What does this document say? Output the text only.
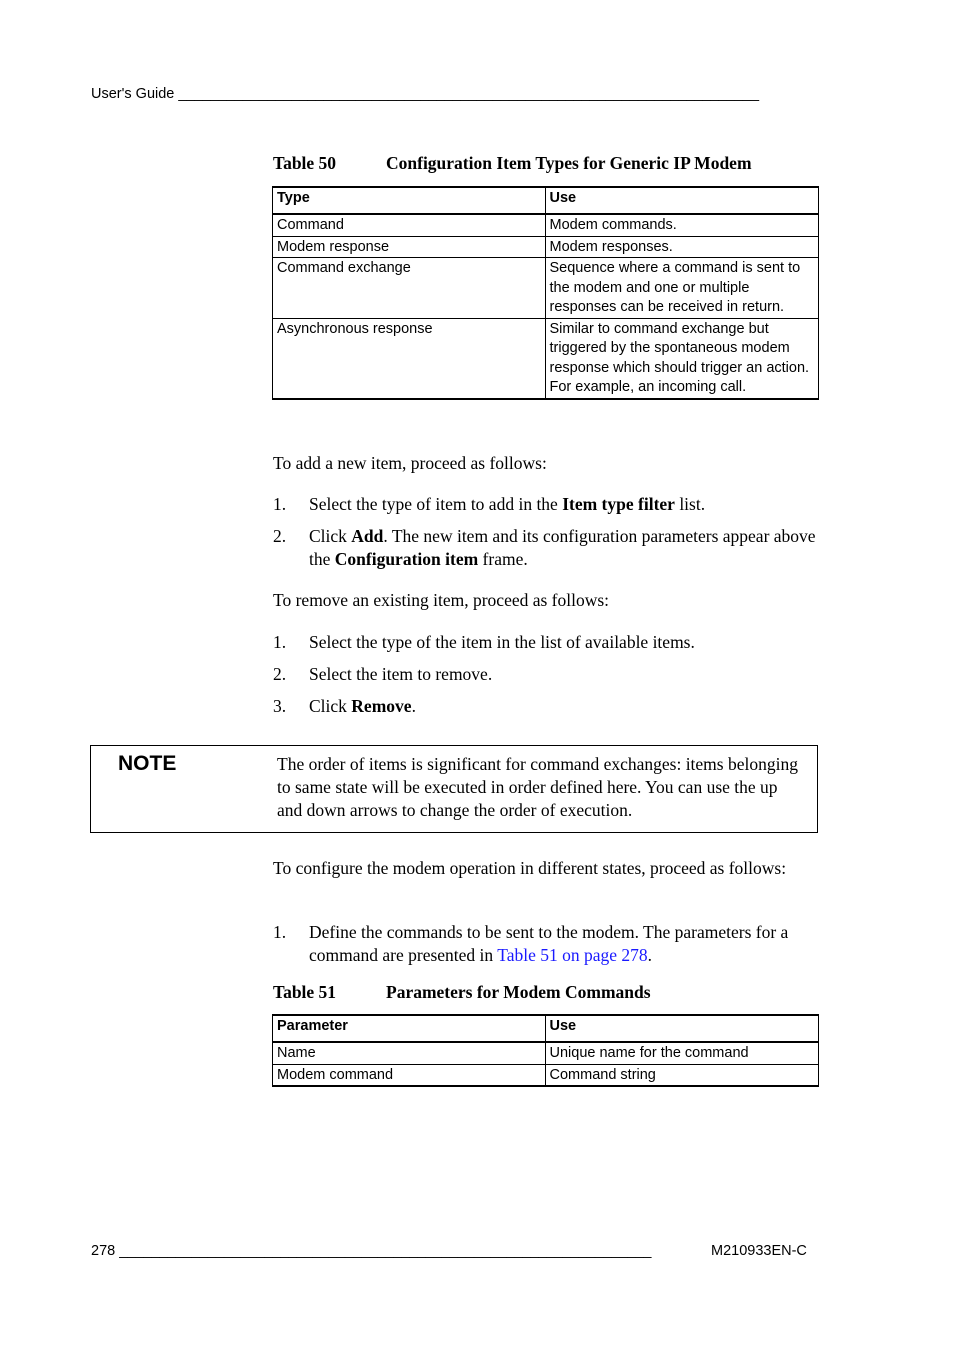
User's Guide ________________________________________________________________________
Table 50	Configuration Item Types for Generic IP Modem
Type	Use
Command	Modem commands.
Modem response	Modem responses.
Command exchange	Sequence where a command is sent to the modem and one or multiple responses can be received in return.
Asynchronous response	Similar to command exchange but triggered by the spontaneous modem response which should trigger an action. For example, an incoming call.
To add a new item, proceed as follows:
1. Select the type of item to add in the Item type filter list.
2. Click Add. The new item and its configuration parameters appear above the Configuration item frame.
To remove an existing item, proceed as follows:
1. Select the type of the item in the list of available items.
2. Select the item to remove.
3. Click Remove.
NOTE	The order of items is significant for command exchanges: items belonging to same state will be executed in order defined here. You can use the up and down arrows to change the order of execution.
To configure the modem operation in different states, proceed as follows:
1. Define the commands to be sent to the modem. The parameters for a command are presented in Table 51 on page 278.
Table 51	Parameters for Modem Commands
Parameter	Use
Name	Unique name for the command
Modem command	Command string
278 __________________________________________________________________	M210933EN-C
